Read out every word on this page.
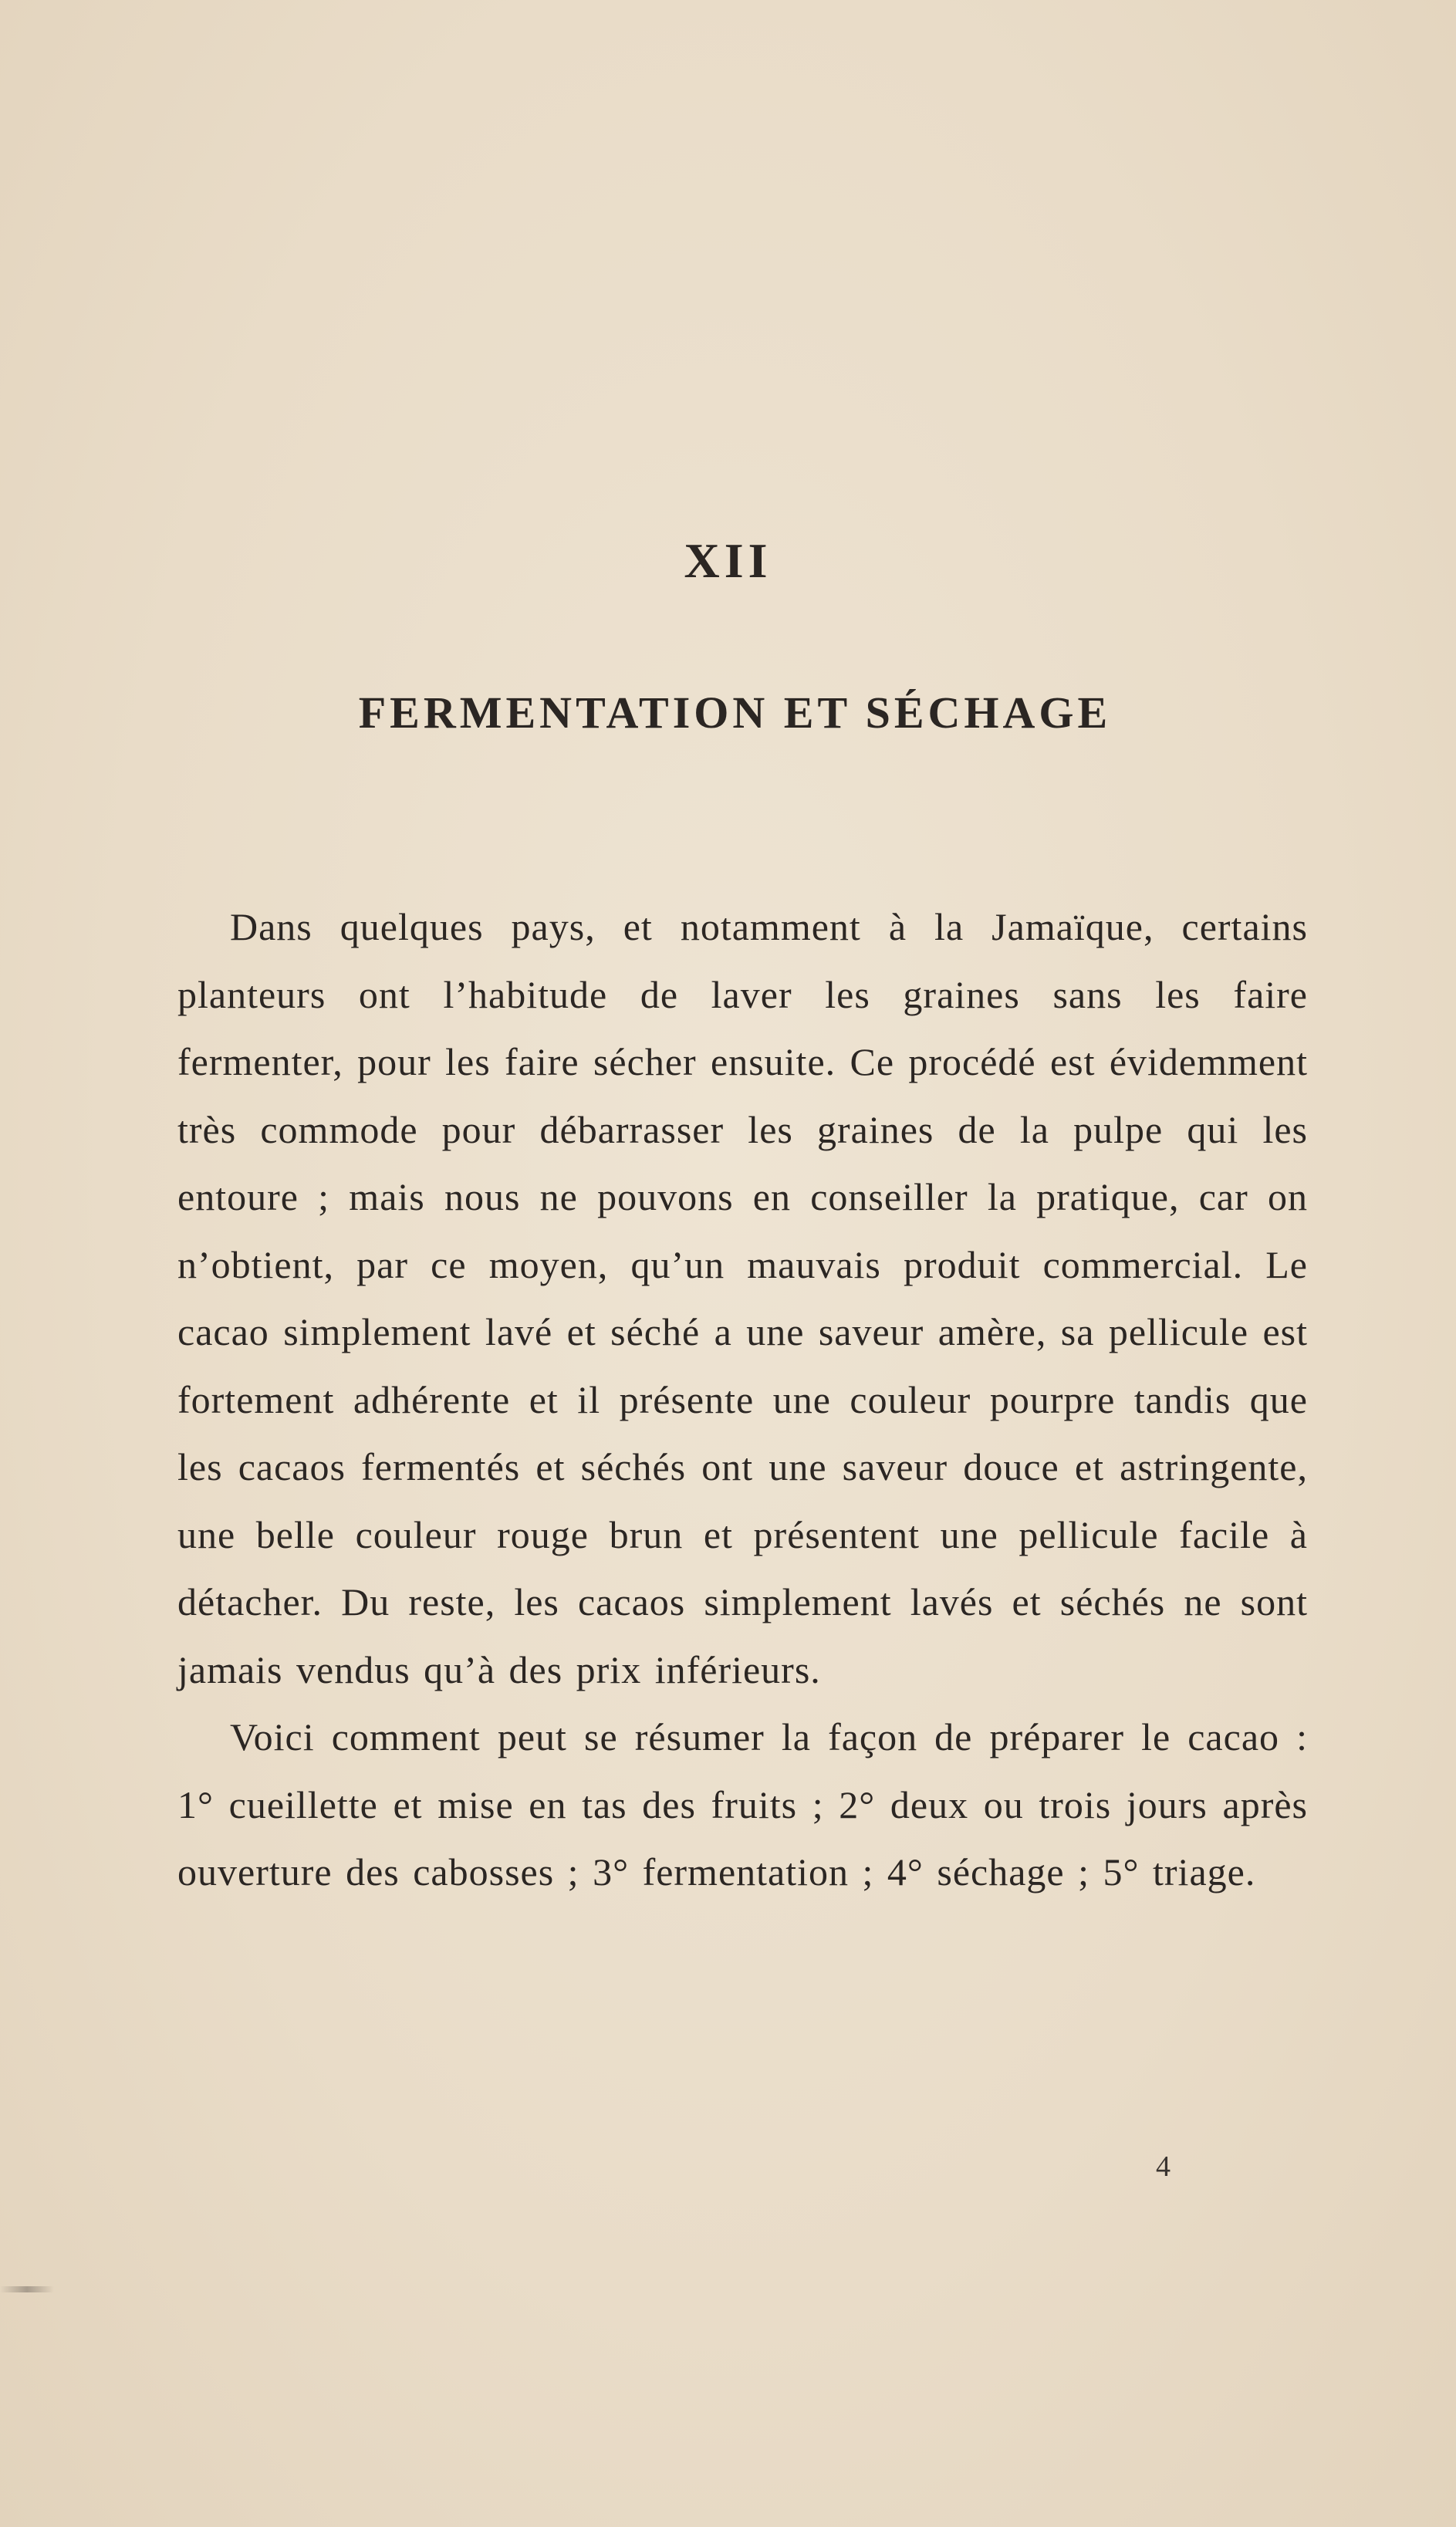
XII
FERMENTATION ET SÉCHAGE

Dans quelques pays, et notamment à la Jamaïque, certains planteurs ont l’habitude de laver les graines sans les faire fermenter, pour les faire sécher ensuite. Ce procédé est évidemment très commode pour débarrasser les graines de la pulpe qui les entoure ; mais nous ne pouvons en conseiller la pratique, car on n’obtient, par ce moyen, qu’un mauvais produit commercial. Le cacao simplement lavé et séché a une saveur amère, sa pellicule est fortement adhérente et il présente une couleur pourpre tandis que les cacaos fermentés et séchés ont une saveur douce et astringente, une belle couleur rouge brun et présentent une pellicule facile à détacher. Du reste, les cacaos simplement lavés et séchés ne sont jamais vendus qu’à des prix inférieurs.

Voici comment peut se résumer la façon de préparer le cacao : 1° cueillette et mise en tas des fruits ; 2° deux ou trois jours après ouverture des cabosses ; 3° fermentation ; 4° séchage ; 5° triage.

4
